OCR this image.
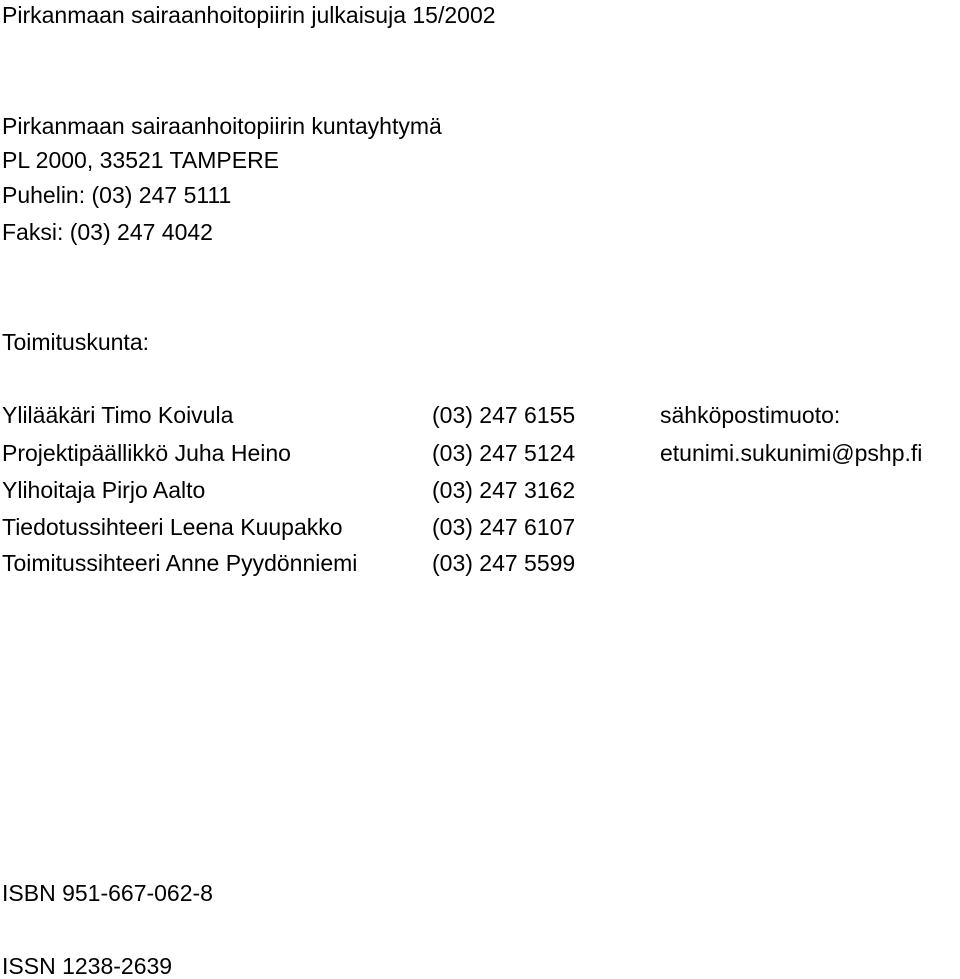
Pirkanmaan sairaanhoitopiirin julkaisuja 15/2002
Pirkanmaan sairaanhoitopiirin kuntayhtymä
PL 2000, 33521 TAMPERE
Puhelin: (03) 247 5111
Faksi: (03) 247 4042
Toimituskunta:
Ylilääkäri Timo Koivula	(03) 247 6155	sähköpostimuoto:
Projektipäällikkö Juha Heino	(03) 247 5124	etunimi.sukunimi@pshp.fi
Ylihoitaja Pirjo Aalto	(03) 247 3162
Tiedotussihteeri Leena Kuupakko	(03) 247 6107
Toimitussihteeri Anne Pyydönniemi	(03) 247 5599
ISBN 951-667-062-8
ISSN 1238-2639
